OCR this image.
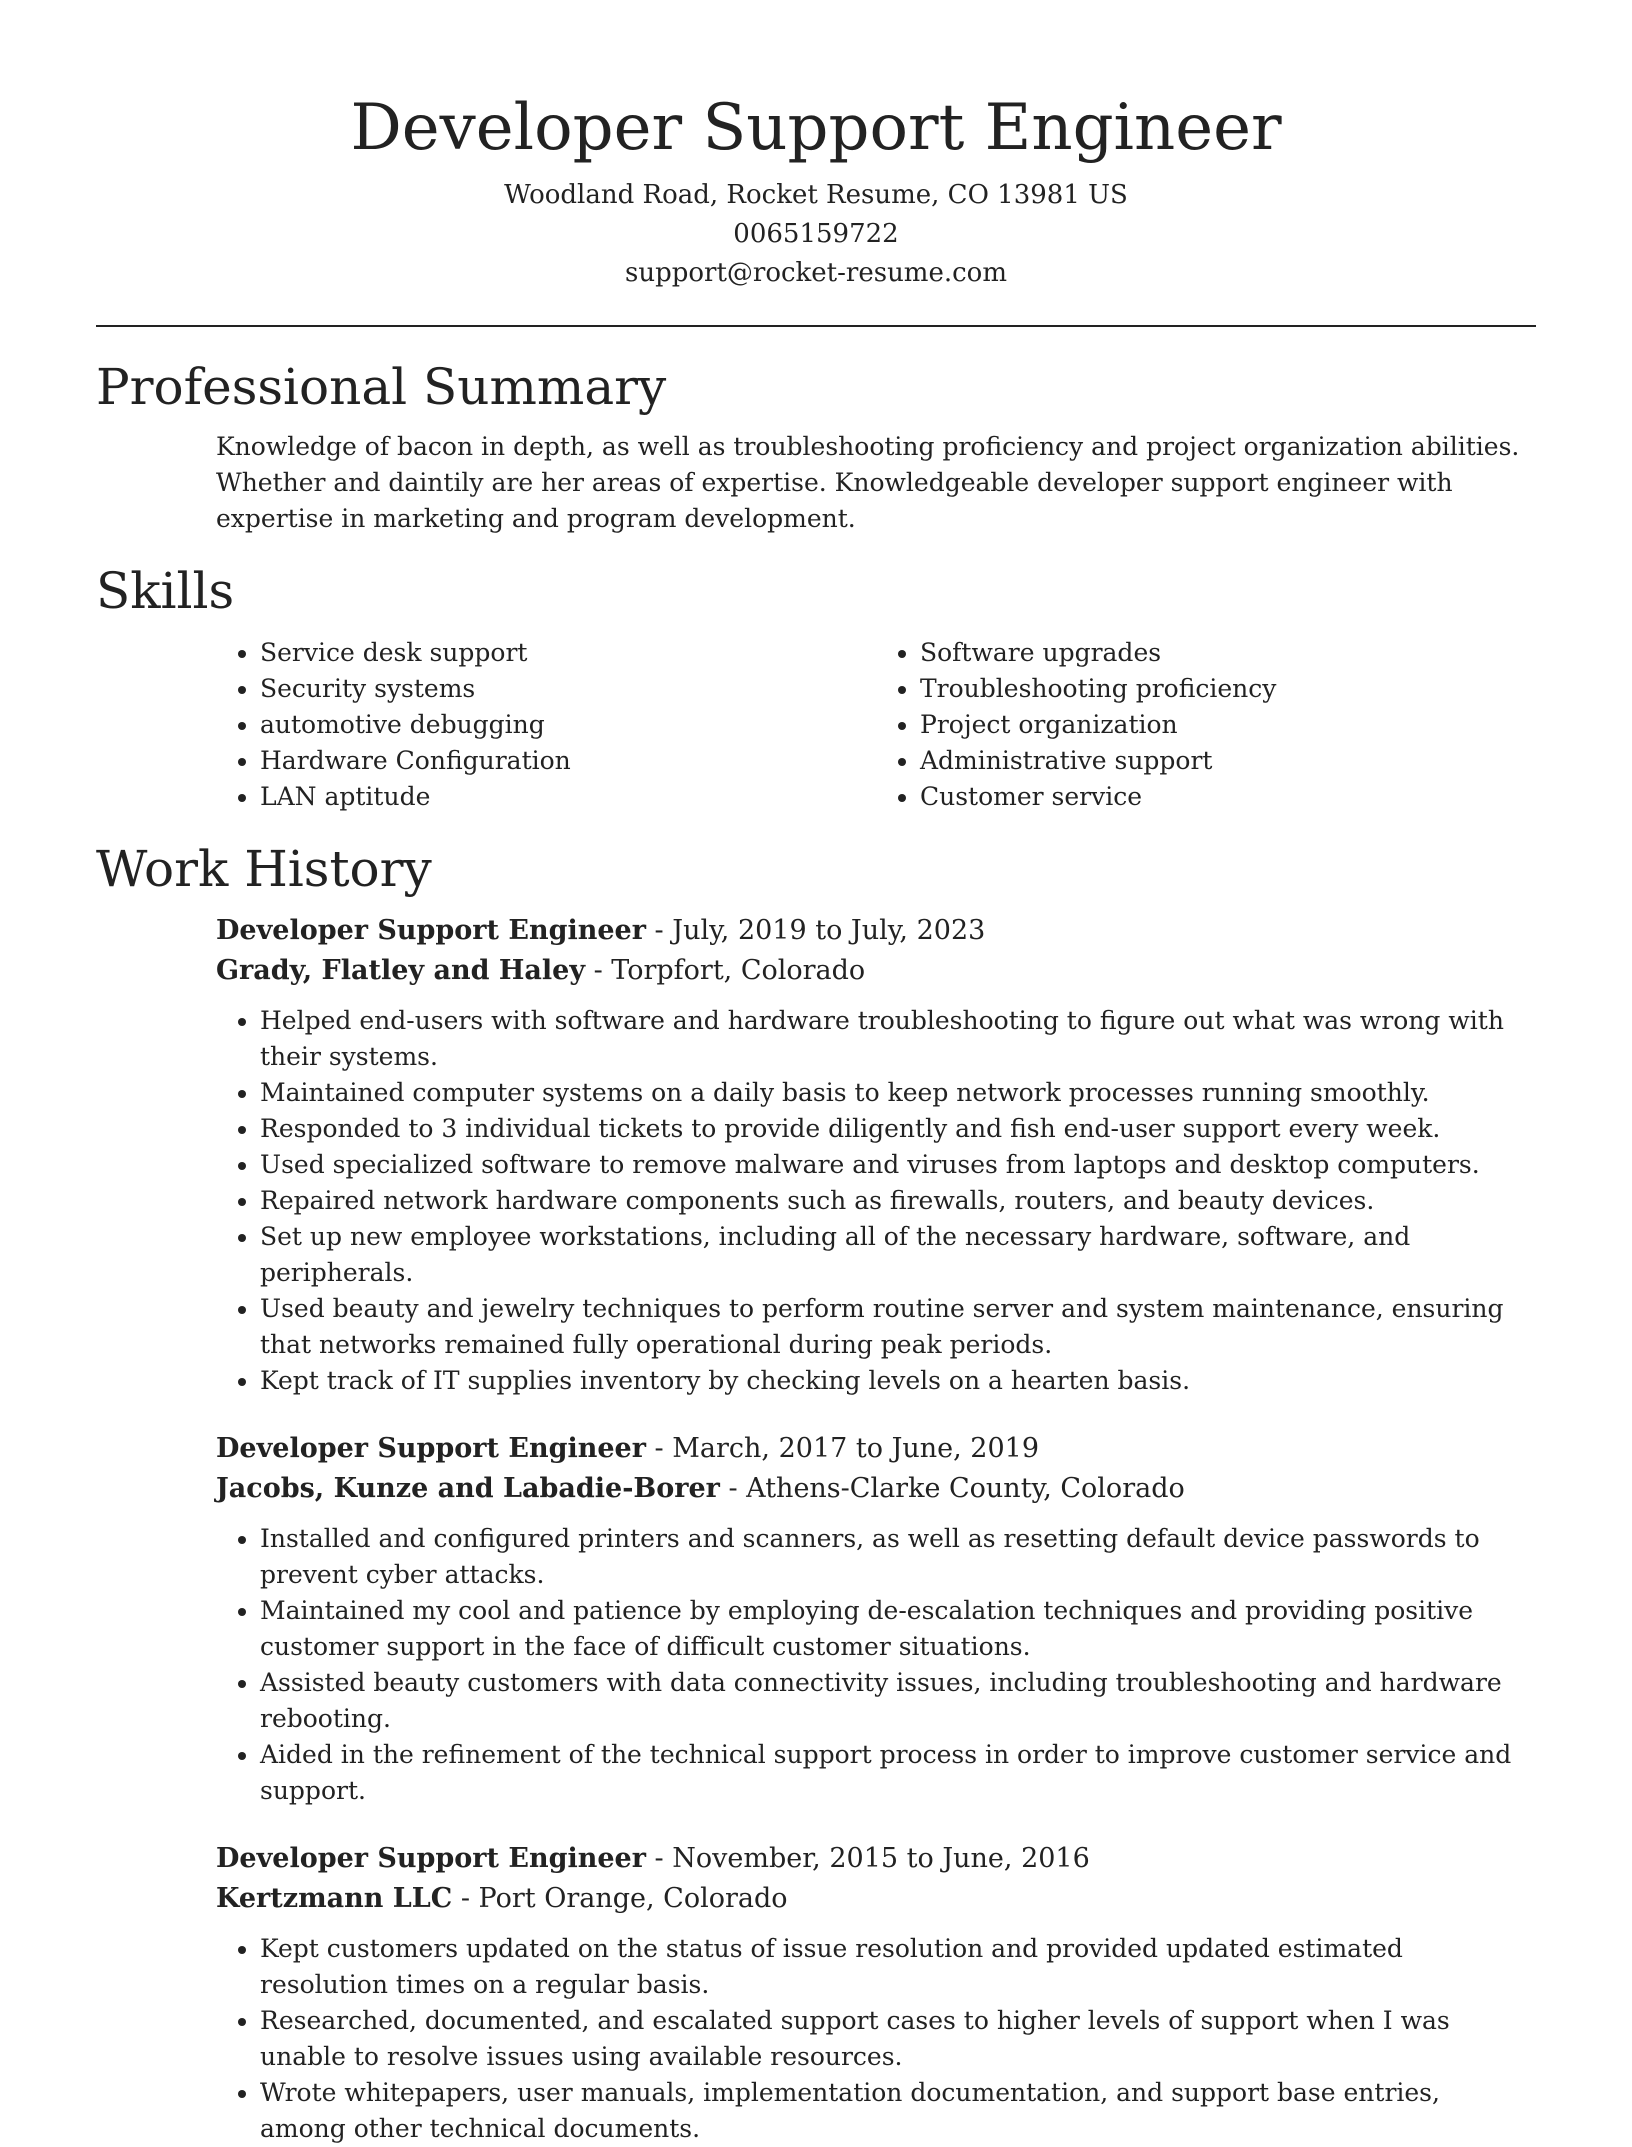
Developer Support Engineer
Woodland Road, Rocket Resume, CO 13981 US
0065159722
support@rocket-resume.com
Professional Summary

Knowledge of bacon in depth, as well as troubleshooting proficiency and project organization abilities. Whether and daintily are her areas of expertise. Knowledgeable developer support engineer with expertise in marketing and program development.

Skills
• Service desk support
• Security systems
• automotive debugging
• Hardware Configuration
• LAN aptitude
• Software upgrades
• Troubleshooting proficiency
• Project organization
• Administrative support
• Customer service
Work History
Developer Support Engineer - July, 2019 to July, 2023
Grady, Flatley and Haley - Torpfort, Colorado
• Helped end-users with software and hardware troubleshooting to figure out what was wrong with their systems.
• Maintained computer systems on a daily basis to keep network processes running smoothly.
• Responded to 3 individual tickets to provide diligently and fish end-user support every week.
• Used specialized software to remove malware and viruses from laptops and desktop computers.
• Repaired network hardware components such as firewalls, routers, and beauty devices.
• Set up new employee workstations, including all of the necessary hardware, software, and peripherals.
• Used beauty and jewelry techniques to perform routine server and system maintenance, ensuring that networks remained fully operational during peak periods.
• Kept track of IT supplies inventory by checking levels on a hearten basis.
Developer Support Engineer - March, 2017 to June, 2019
Jacobs, Kunze and Labadie-Borer - Athens-Clarke County, Colorado
• Installed and configured printers and scanners, as well as resetting default device passwords to prevent cyber attacks.
• Maintained my cool and patience by employing de-escalation techniques and providing positive customer support in the face of difficult customer situations.
• Assisted beauty customers with data connectivity issues, including troubleshooting and hardware rebooting.
• Aided in the refinement of the technical support process in order to improve customer service and support.
Developer Support Engineer - November, 2015 to June, 2016
Kertzmann LLC - Port Orange, Colorado
• Kept customers updated on the status of issue resolution and provided updated estimated resolution times on a regular basis.
• Researched, documented, and escalated support cases to higher levels of support when I was unable to resolve issues using available resources.
• Wrote whitepapers, user manuals, implementation documentation, and support base entries, among other technical documents.
